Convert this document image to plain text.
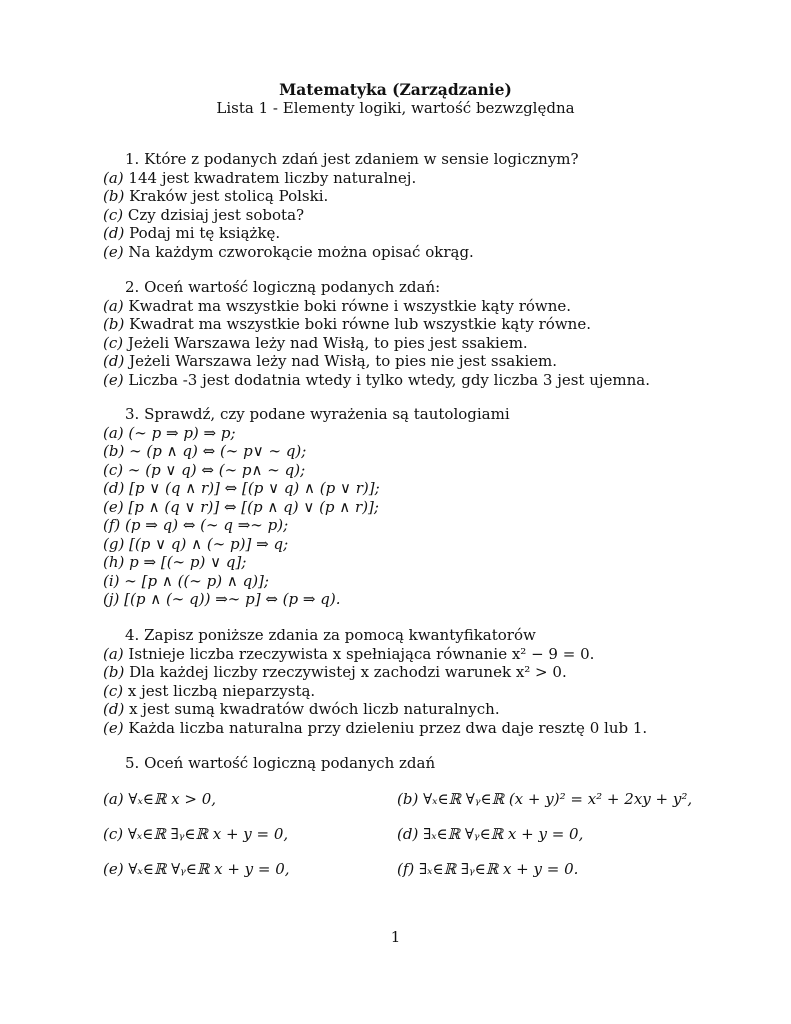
Matematyka (Zarządzanie)
Lista 1 - Elementy logiki, wartość bezwzględna
1. Które z podanych zdań jest zdaniem w sensie logicznym?
(a) 144 jest kwadratem liczby naturalnej.
(b) Kraków jest stolicą Polski.
(c) Czy dzisiaj jest sobota?
(d) Podaj mi tę książkę.
(e) Na każdym czworokącie można opisać okrąg.
2. Oceń wartość logiczną podanych zdań:
(a) Kwadrat ma wszystkie boki równe i wszystkie kąty równe.
(b) Kwadrat ma wszystkie boki równe lub wszystkie kąty równe.
(c) Jeżeli Warszawa leży nad Wisłą, to pies jest ssakiem.
(d) Jeżeli Warszawa leży nad Wisłą, to pies nie jest ssakiem.
(e) Liczba -3 jest dodatnia wtedy i tylko wtedy, gdy liczba 3 jest ujemna.
3. Sprawdź, czy podane wyrażenia są tautologiami
(a) (∼ p ⇒ p) ⇒ p;
(b) ∼ (p ∧ q) ⇔ (∼ p∨ ∼ q);
(c) ∼ (p ∨ q) ⇔ (∼ p∧ ∼ q);
(d) [p ∨ (q ∧ r)] ⇔ [(p ∨ q) ∧ (p ∨ r)];
(e) [p ∧ (q ∨ r)] ⇔ [(p ∧ q) ∨ (p ∧ r)];
(f) (p ⇒ q) ⇔ (∼ q ⇒∼ p);
(g) [(p ∨ q) ∧ (∼ p)] ⇒ q;
(h) p ⇒ [(∼ p) ∨ q];
(i) ∼ [p ∧ ((∼ p) ∧ q)];
(j) [(p ∧ (∼ q)) ⇒∼ p] ⇔ (p ⇒ q).
4. Zapisz poniższe zdania za pomocą kwantyfikatorów
(a) Istnieje liczba rzeczywista x spełniająca równanie x² − 9 = 0.
(b) Dla każdej liczby rzeczywistej x zachodzi warunek x² > 0.
(c) x jest liczbą nieparzystą.
(d) x jest sumą kwadratów dwóch liczb naturalnych.
(e) Każda liczba naturalna przy dzieleniu przez dwa daje resztę 0 lub 1.
5. Oceń wartość logiczną podanych zdań
(a) ∀ₓ∈ℝ x > 0,	(b) ∀ₓ∈ℝ ∀ᵧ∈ℝ (x + y)² = x² + 2xy + y²,
(c) ∀ₓ∈ℝ ∃ᵧ∈ℝ x + y = 0,	(d) ∃ₓ∈ℝ ∀ᵧ∈ℝ x + y = 0,
(e) ∀ₓ∈ℝ ∀ᵧ∈ℝ x + y = 0,	(f) ∃ₓ∈ℝ ∃ᵧ∈ℝ x + y = 0.
1
